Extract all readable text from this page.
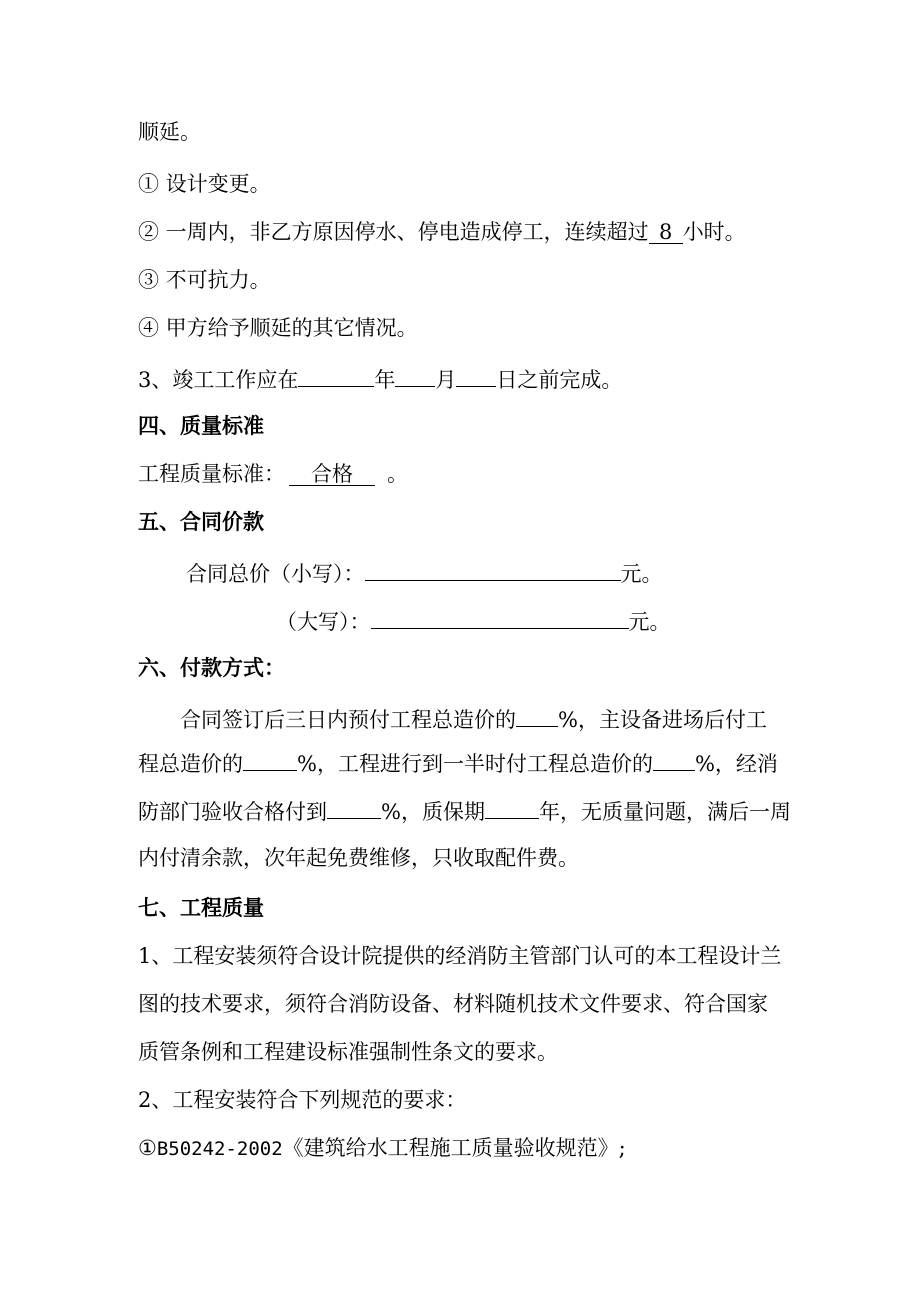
顺延。
① 设计变更。
② 一周内，非乙方原因停水、停电造成停工，连续超过 8 小时。
③ 不可抗力。
④ 甲方给予顺延的其它情况。
3、竣工工作应在	年 月 日之前完成。
四、质量标准
工程质量标准： 合格 。
五、合同价款
合同总价（小写）：	元。
（大写）：	元。
六、付款方式：
合同签订后三日内预付工程总造价的 %，主设备进场后付工
程总造价的	%，工程进行到一半时付工程总造价的 %，经消
防部门验收合格付到	%，质保期	年，无质量问题，满后一周
内付清余款，次年起免费维修，只收取配件费。
七、工程质量
1、工程安装须符合设计院提供的经消防主管部门认可的本工程设计兰
图的技术要求，须符合消防设备、材料随机技术文件要求、符合国家
质管条例和工程建设标准强制性条文的要求。
2、工程安装符合下列规范的要求：
①B50242-2002《建筑给水工程施工质量验收规范》;
